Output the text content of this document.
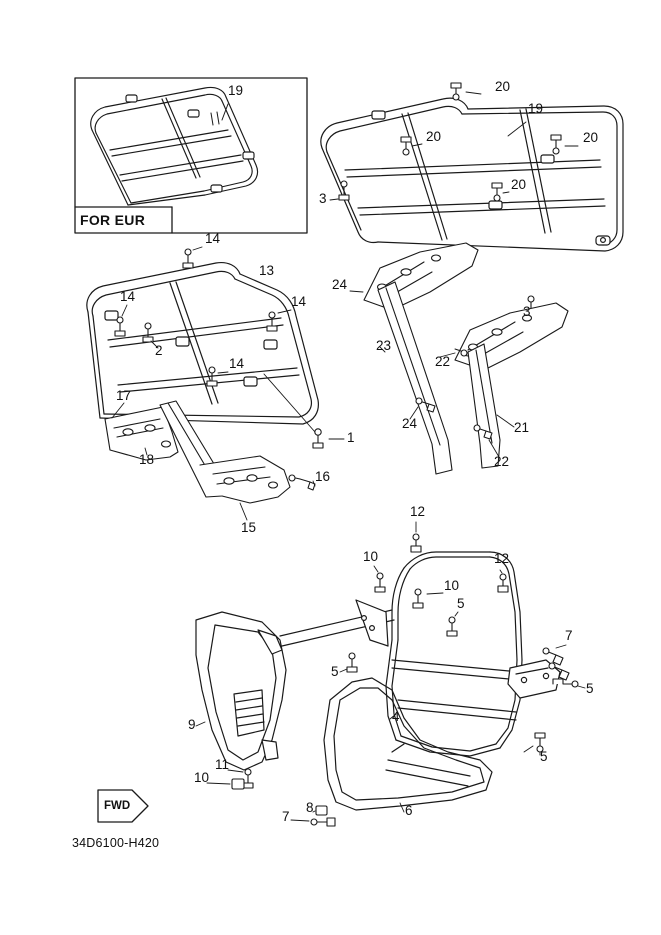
FOR EUR
FWD
34D6100-H420
19	20
19
20	20
20
3
14
13
24
14	14
3
2	23
22
14
17
24	21
1
18	22
16
15
12
10	12
10
5
7
5
5
4
9
11
10
5
6
8
7
